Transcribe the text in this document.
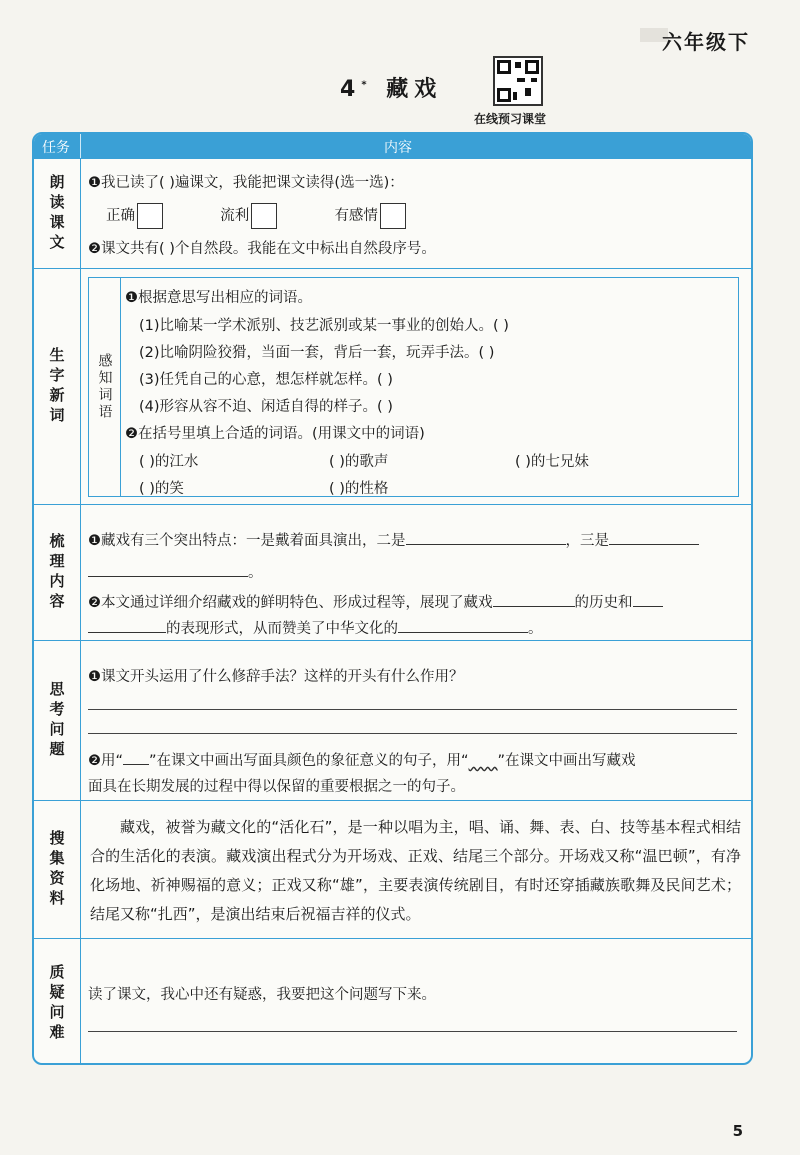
六年级下
4* 藏戏
在线预习课堂
任务	内容
朗读课文 ❶我已读了( )遍课文，我能把课文读得(选一选)：
正确	流利	有感情
❷课文共有( )个自然段。我能在文中标出自然段序号。
生字新词 感知词语
❶根据意思写出相应的词语。
(1)比喻某一学术派别、技艺派别或某一事业的创始人。( )
(2)比喻阴险狡猾，当面一套，背后一套，玩弄手法。( )
(3)任凭自己的心意，想怎样就怎样。( )
(4)形容从容不迫、闲适自得的样子。( )
❷在括号里填上合适的词语。(用课文中的词语)
( )的江水	( )的歌声	( )的七兄妹
( )的笑	( )的性格
梳理内容 ❶藏戏有三个突出特点：一是戴着面具演出，二是	，三是
。
❷本文通过详细介绍藏戏的鲜明特色、形成过程等，展现了藏戏	的历史和
的表现形式，从而赞美了中华文化的	。
思考问题
❶课文开头运用了什么修辞手法？这样的开头有什么作用？
❷用“ ”在课文中画出写面具颜色的象征意义的句子，用“　　 ”在课文中画出写藏戏
面具在长期发展的过程中得以保留的重要根据之一的句子。
搜集资料
藏戏，被誉为藏文化的“活化石”，是一种以唱为主，唱、诵、舞、表、白、技等基本程式相结合的生活化的表演。藏戏演出程式分为开场戏、正戏、结尾三个部分。开场戏又称“温巴顿”，有净化场地、祈神赐福的意义；正戏又称“雄”，主要表演传统剧目，有时还穿插藏族歌舞及民间艺术；结尾又称“扎西”，是演出结束后祝福吉祥的仪式。
质疑问难 读了课文，我心中还有疑惑，我要把这个问题写下来。
5
